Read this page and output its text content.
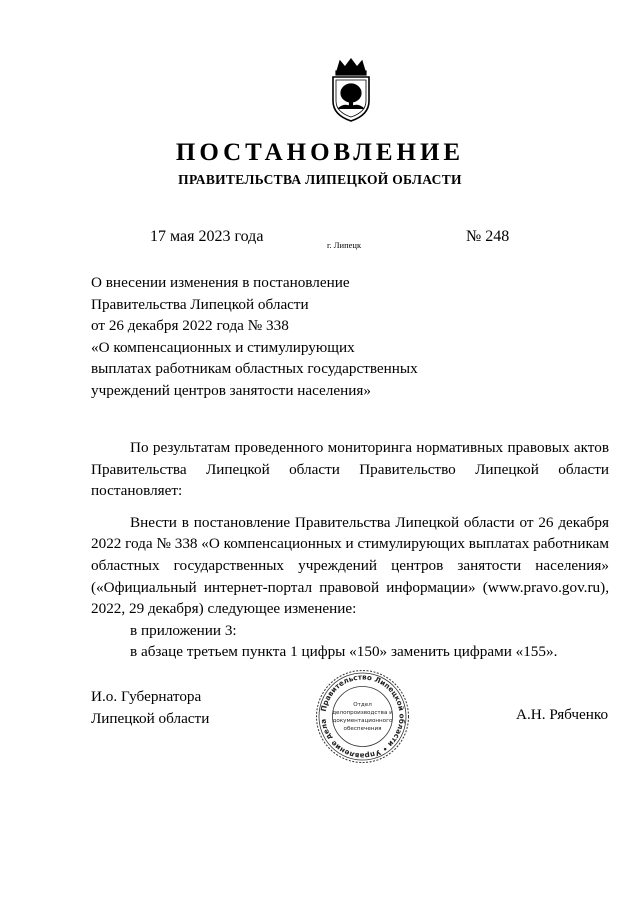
ПОСТАНОВЛЕНИЕ
ПРАВИТЕЛЬСТВА ЛИПЕЦКОЙ ОБЛАСТИ
17 мая 2023 года	г. Липецк	№ 248
О внесении изменения в постановление
Правительства Липецкой области
от 26 декабря 2022 года № 338
«О компенсационных и стимулирующих
выплатах работникам областных государственных
учреждений центров занятости населения»
По результатам проведенного мониторинга нормативных правовых актов
Правительства Липецкой области Правительство Липецкой области
постановляет:
Внести в постановление Правительства Липецкой области от 26 декабря
2022 года № 338 «О компенсационных и стимулирующих выплатах работникам
областных государственных учреждений центров занятости населения»
(«Официальный интернет-портал правовой информации» (www.pravo.gov.ru),
2022, 29 декабря) следующее изменение:
в приложении 3:
в абзаце третьем пункта 1 цифры «150» заменить цифрами «155».
И.о. Губернатора
Липецкой области	А.Н. Рябченко
Правительство Липецкой области • Управление дела
Отдел
делопроизводства и
документационного
обеспечения
